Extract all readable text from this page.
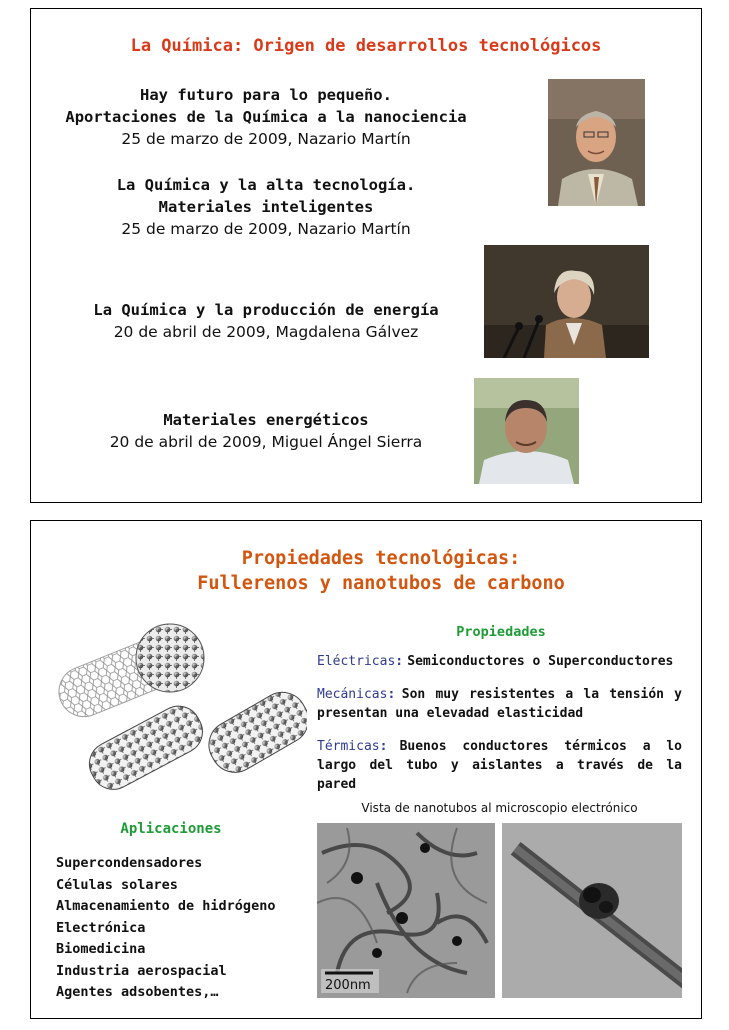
La Química: Origen de desarrollos tecnológicos
Hay futuro para lo pequeño.
Aportaciones de la Química a la nanociencia
25 de marzo de 2009, Nazario Martín
La Química y la alta tecnología.
Materiales inteligentes
25 de marzo de 2009, Nazario Martín
La Química y la producción de energía
20 de abril de 2009, Magdalena Gálvez
Materiales energéticos
20 de abril de 2009, Miguel Ángel Sierra
Propiedades tecnológicas:
Fullerenos y nanotubos de carbono
Propiedades
Eléctricas: Semiconductores o Superconductores
Mecánicas: Son muy resistentes a la tensión y presentan una elevadad elasticidad
Térmicas: Buenos conductores térmicos a lo largo del tubo y aislantes a través de la pared
Vista de nanotubos al microscopio electrónico
Aplicaciones
Supercondensadores
Células solares
Almacenamiento de hidrógeno
Electrónica
Biomedicina
Industria aerospacial
Agentes adsobentes,…	200nm
